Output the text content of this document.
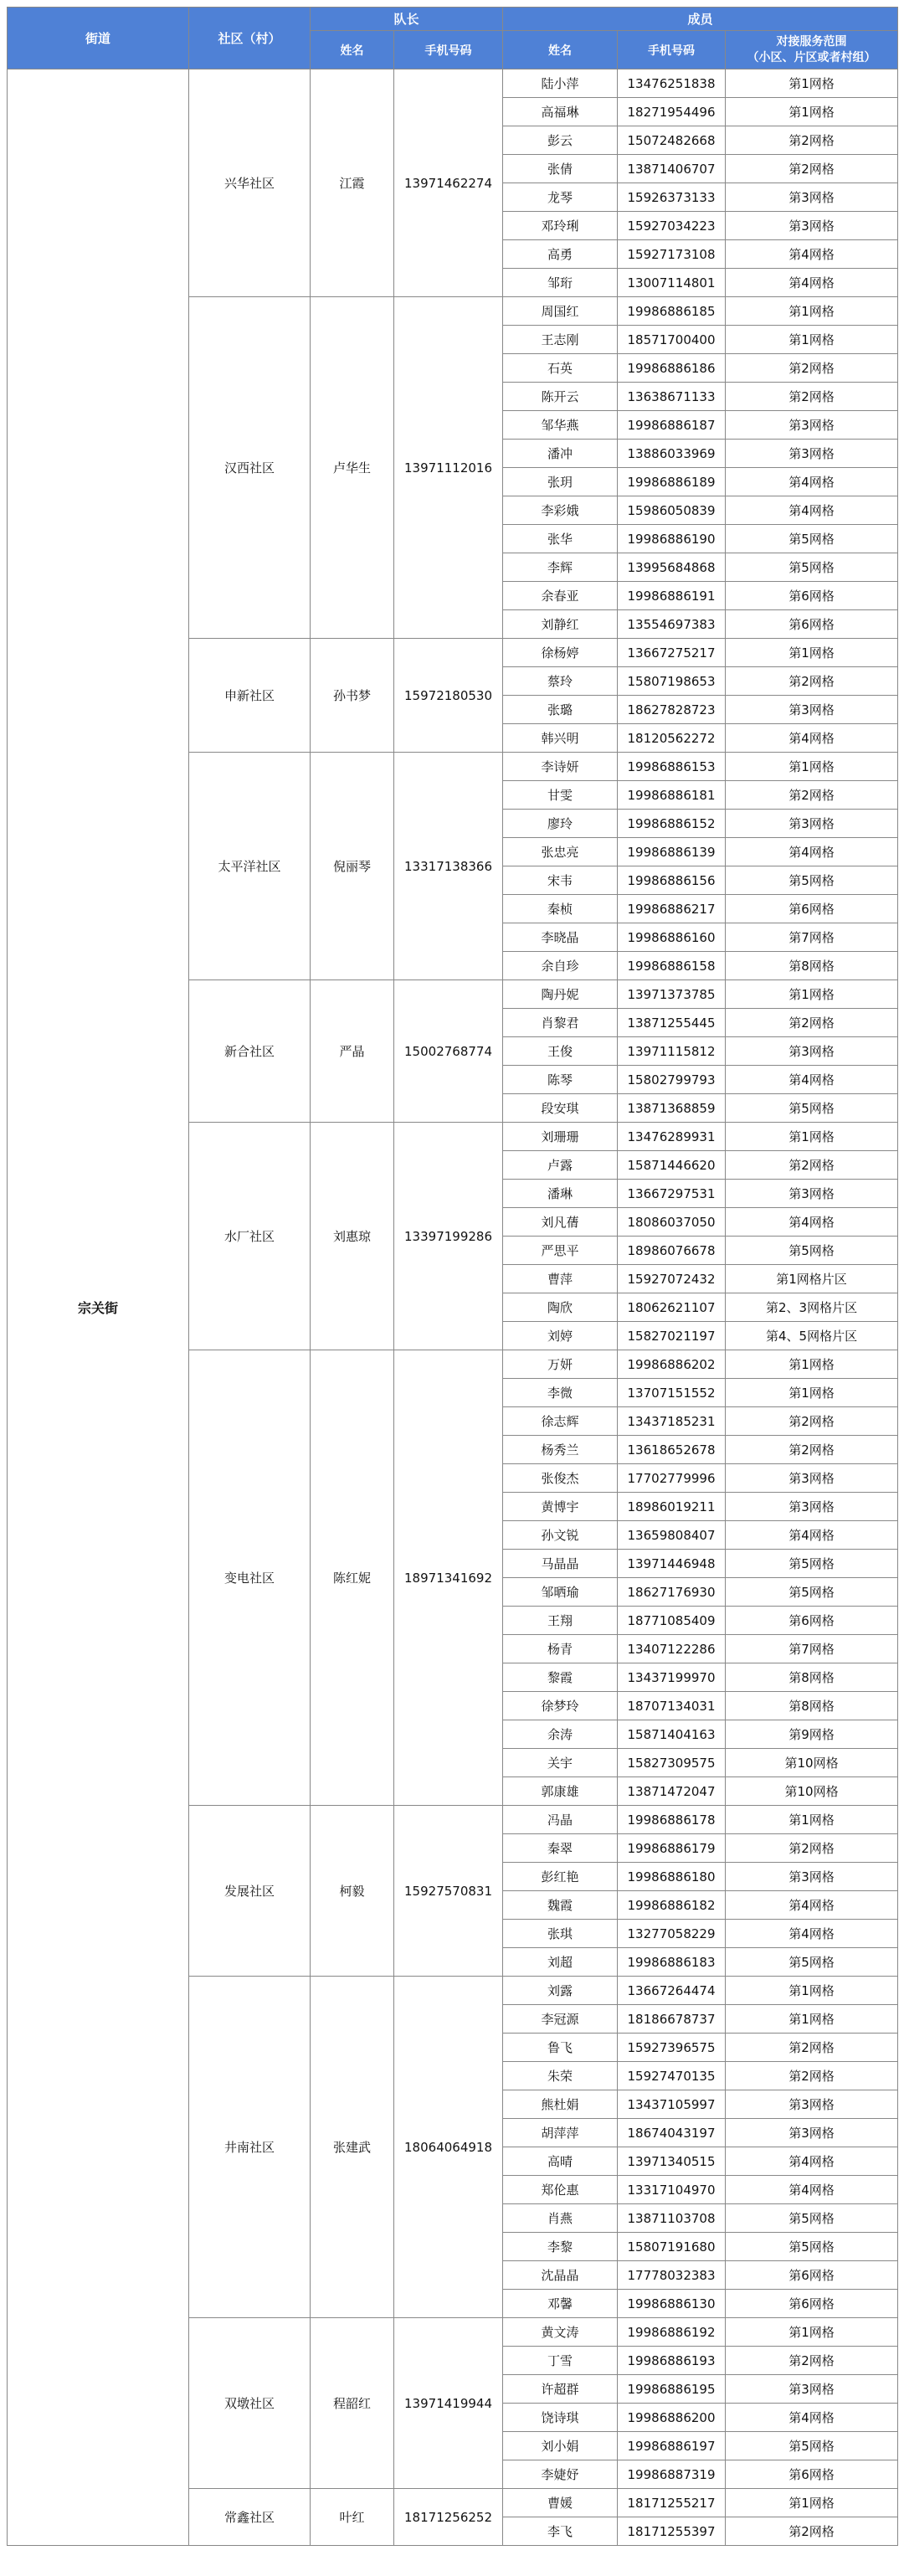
街道	社区（村）	队长		成员		
		姓名	手机号码	姓名	手机号码	对接服务范围
（小区、片区或者村组）
宗关街	兴华社区	江霞	13971462274	陆小萍	13476251838	第1网格
				高福琳	18271954496	第1网格
				彭云	15072482668	第2网格
				张倩	13871406707	第2网格
				龙琴	15926373133	第3网格
				邓玲琍	15927034223	第3网格
				高勇	15927173108	第4网格
				邹珩	13007114801	第4网格
	汉西社区	卢华生	13971112016	周国红	19986886185	第1网格
				王志刚	18571700400	第1网格
				石英	19986886186	第2网格
				陈开云	13638671133	第2网格
				邹华燕	19986886187	第3网格
				潘冲	13886033969	第3网格
				张玥	19986886189	第4网格
				李彩娥	15986050839	第4网格
				张华	19986886190	第5网格
				李辉	13995684868	第5网格
				余春亚	19986886191	第6网格
				刘静红	13554697383	第6网格
	申新社区	孙书梦	15972180530	徐杨婷	13667275217	第1网格
				蔡玲	15807198653	第2网格
				张璐	18627828723	第3网格
				韩兴明	18120562272	第4网格
	太平洋社区	倪丽琴	13317138366	李诗妍	19986886153	第1网格
				甘雯	19986886181	第2网格
				廖玲	19986886152	第3网格
				张忠亮	19986886139	第4网格
				宋韦	19986886156	第5网格
				秦桢	19986886217	第6网格
				李晓晶	19986886160	第7网格
				余自珍	19986886158	第8网格
	新合社区	严晶	15002768774	陶丹妮	13971373785	第1网格
				肖黎君	13871255445	第2网格
				王俊	13971115812	第3网格
				陈琴	15802799793	第4网格
				段安琪	13871368859	第5网格
	水厂社区	刘惠琼	13397199286	刘珊珊	13476289931	第1网格
				卢露	15871446620	第2网格
				潘琳	13667297531	第3网格
				刘凡蒨	18086037050	第4网格
				严思平	18986076678	第5网格
				曹萍	15927072432	第1网格片区
				陶欣	18062621107	第2、3网格片区
				刘婷	15827021197	第4、5网格片区
	变电社区	陈红妮	18971341692	万妍	19986886202	第1网格
				李微	13707151552	第1网格
				徐志辉	13437185231	第2网格
				杨秀兰	13618652678	第2网格
				张俊杰	17702779996	第3网格
				黄博宇	18986019211	第3网格
				孙文锐	13659808407	第4网格
				马晶晶	13971446948	第5网格
				邹晒瑜	18627176930	第5网格
				王翔	18771085409	第6网格
				杨青	13407122286	第7网格
				黎霞	13437199970	第8网格
				徐梦玲	18707134031	第8网格
				余涛	15871404163	第9网格
				关宇	15827309575	第10网格
				郭康雄	13871472047	第10网格
	发展社区	柯毅	15927570831	冯晶	19986886178	第1网格
				秦翠	19986886179	第2网格
				彭红艳	19986886180	第3网格
				魏霞	19986886182	第4网格
				张琪	13277058229	第4网格
				刘超	19986886183	第5网格
	井南社区	张建武	18064064918	刘露	13667264474	第1网格
				李冠源	18186678737	第1网格
				鲁飞	15927396575	第2网格
				朱荣	15927470135	第2网格
				熊杜娟	13437105997	第3网格
				胡萍萍	18674043197	第3网格
				高晴	13971340515	第4网格
				郑伦惠	13317104970	第4网格
				肖燕	13871103708	第5网格
				李黎	15807191680	第5网格
				沈晶晶	17778032383	第6网格
				邓馨	19986886130	第6网格
	双墩社区	程韶红	13971419944	黄文涛	19986886192	第1网格
				丁雪	19986886193	第2网格
				许超群	19986886195	第3网格
				饶诗琪	19986886200	第4网格
				刘小娟	19986886197	第5网格
				李婕妤	19986887319	第6网格
	常鑫社区	叶红	18171256252	曹媛	18171255217	第1网格
				李飞	18171255397	第2网格
